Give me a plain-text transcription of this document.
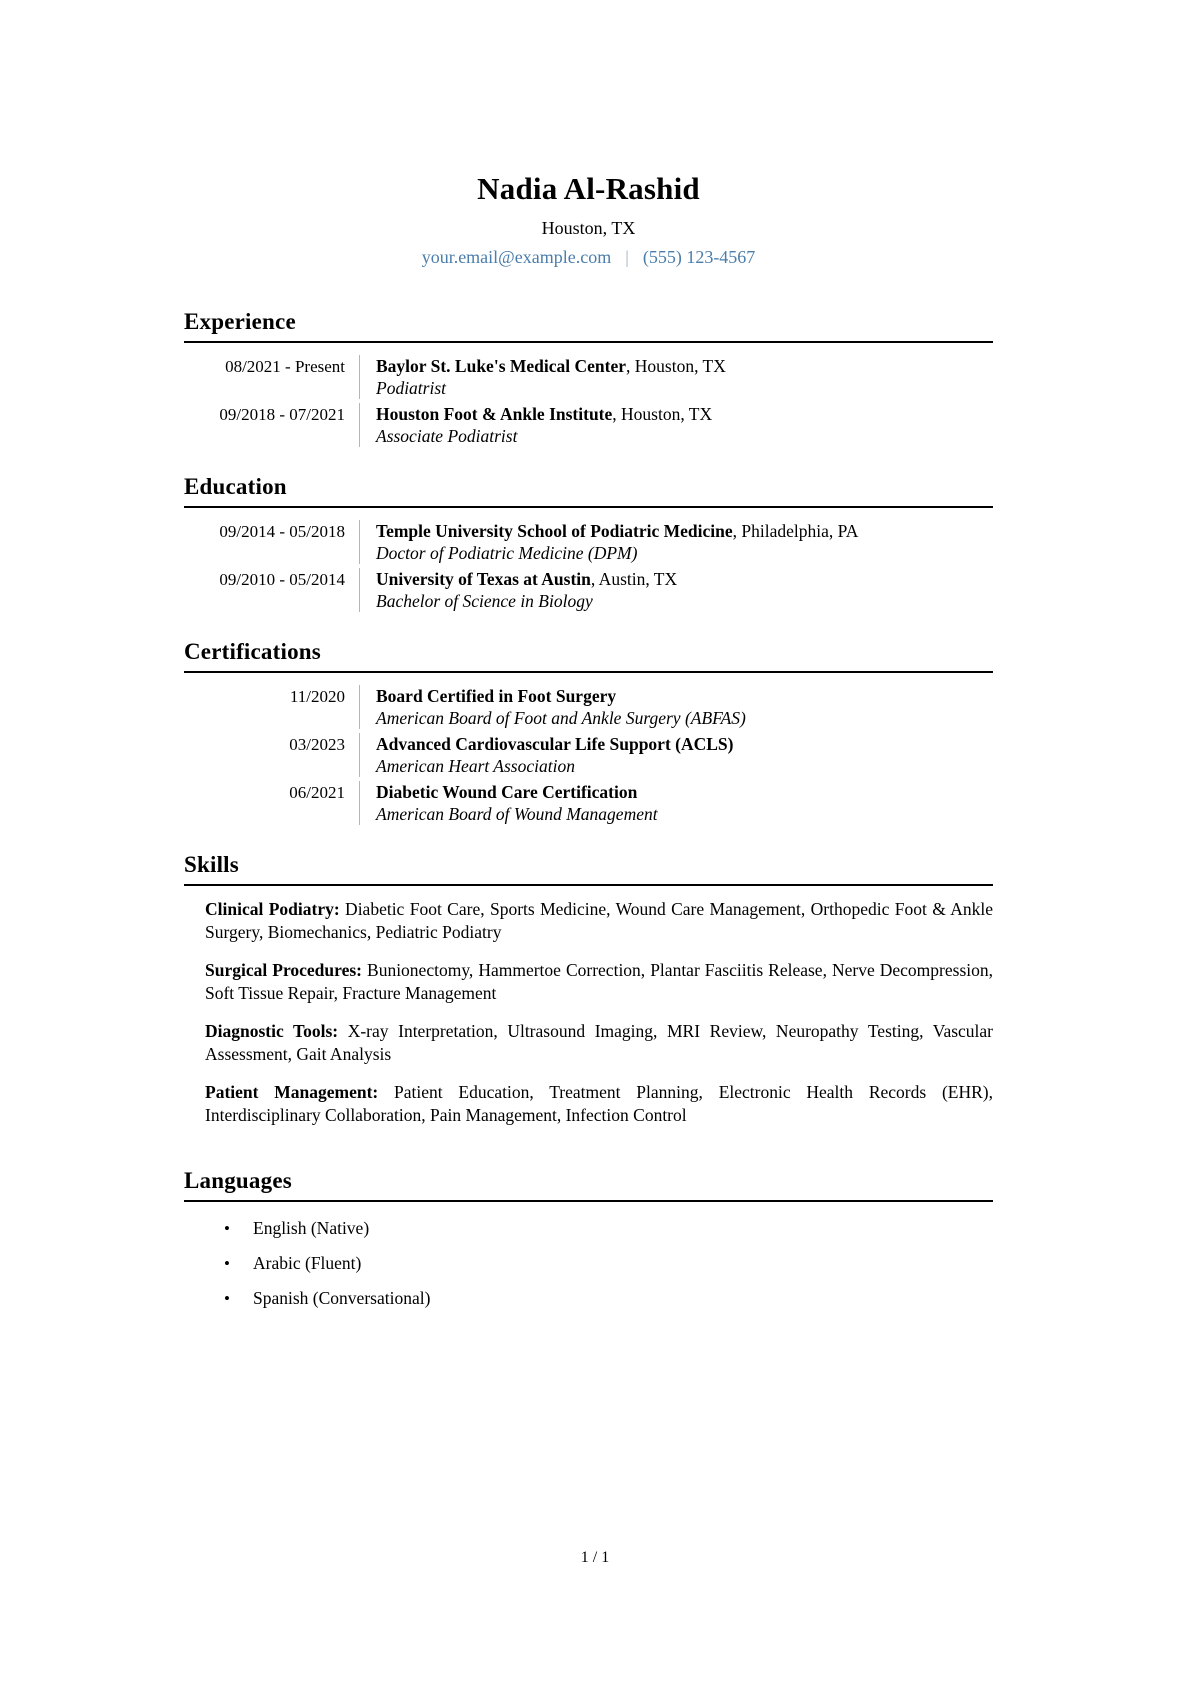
Nadia Al-Rashid
Houston, TX
your.email@example.com | (555) 123-4567
Experience
08/2021 - Present Baylor St. Luke's Medical Center, Houston, TX
Podiatrist
09/2018 - 07/2021 Houston Foot & Ankle Institute, Houston, TX
Associate Podiatrist
Education
09/2014 - 05/2018 Temple University School of Podiatric Medicine, Philadelphia, PA
Doctor of Podiatric Medicine (DPM)
09/2010 - 05/2014 University of Texas at Austin, Austin, TX
Bachelor of Science in Biology
Certifications
11/2020 Board Certified in Foot Surgery
American Board of Foot and Ankle Surgery (ABFAS)
03/2023 Advanced Cardiovascular Life Support (ACLS)
American Heart Association
06/2021 Diabetic Wound Care Certification
American Board of Wound Management
Skills

Clinical Podiatry: Diabetic Foot Care, Sports Medicine, Wound Care Management, Orthopedic Foot & Ankle Surgery, Biomechanics, Pediatric Podiatry

Surgical Procedures: Bunionectomy, Hammertoe Correction, Plantar Fasciitis Release, Nerve Decompression, Soft Tissue Repair, Fracture Management

Diagnostic Tools: X-ray Interpretation, Ultrasound Imaging, MRI Review, Neuropathy Testing, Vascular Assessment, Gait Analysis

Patient Management: Patient Education, Treatment Planning, Electronic Health Records (EHR), Interdisciplinary Collaboration, Pain Management, Infection Control

Languages
• English (Native)
• Arabic (Fluent)
• Spanish (Conversational)
1 / 1
